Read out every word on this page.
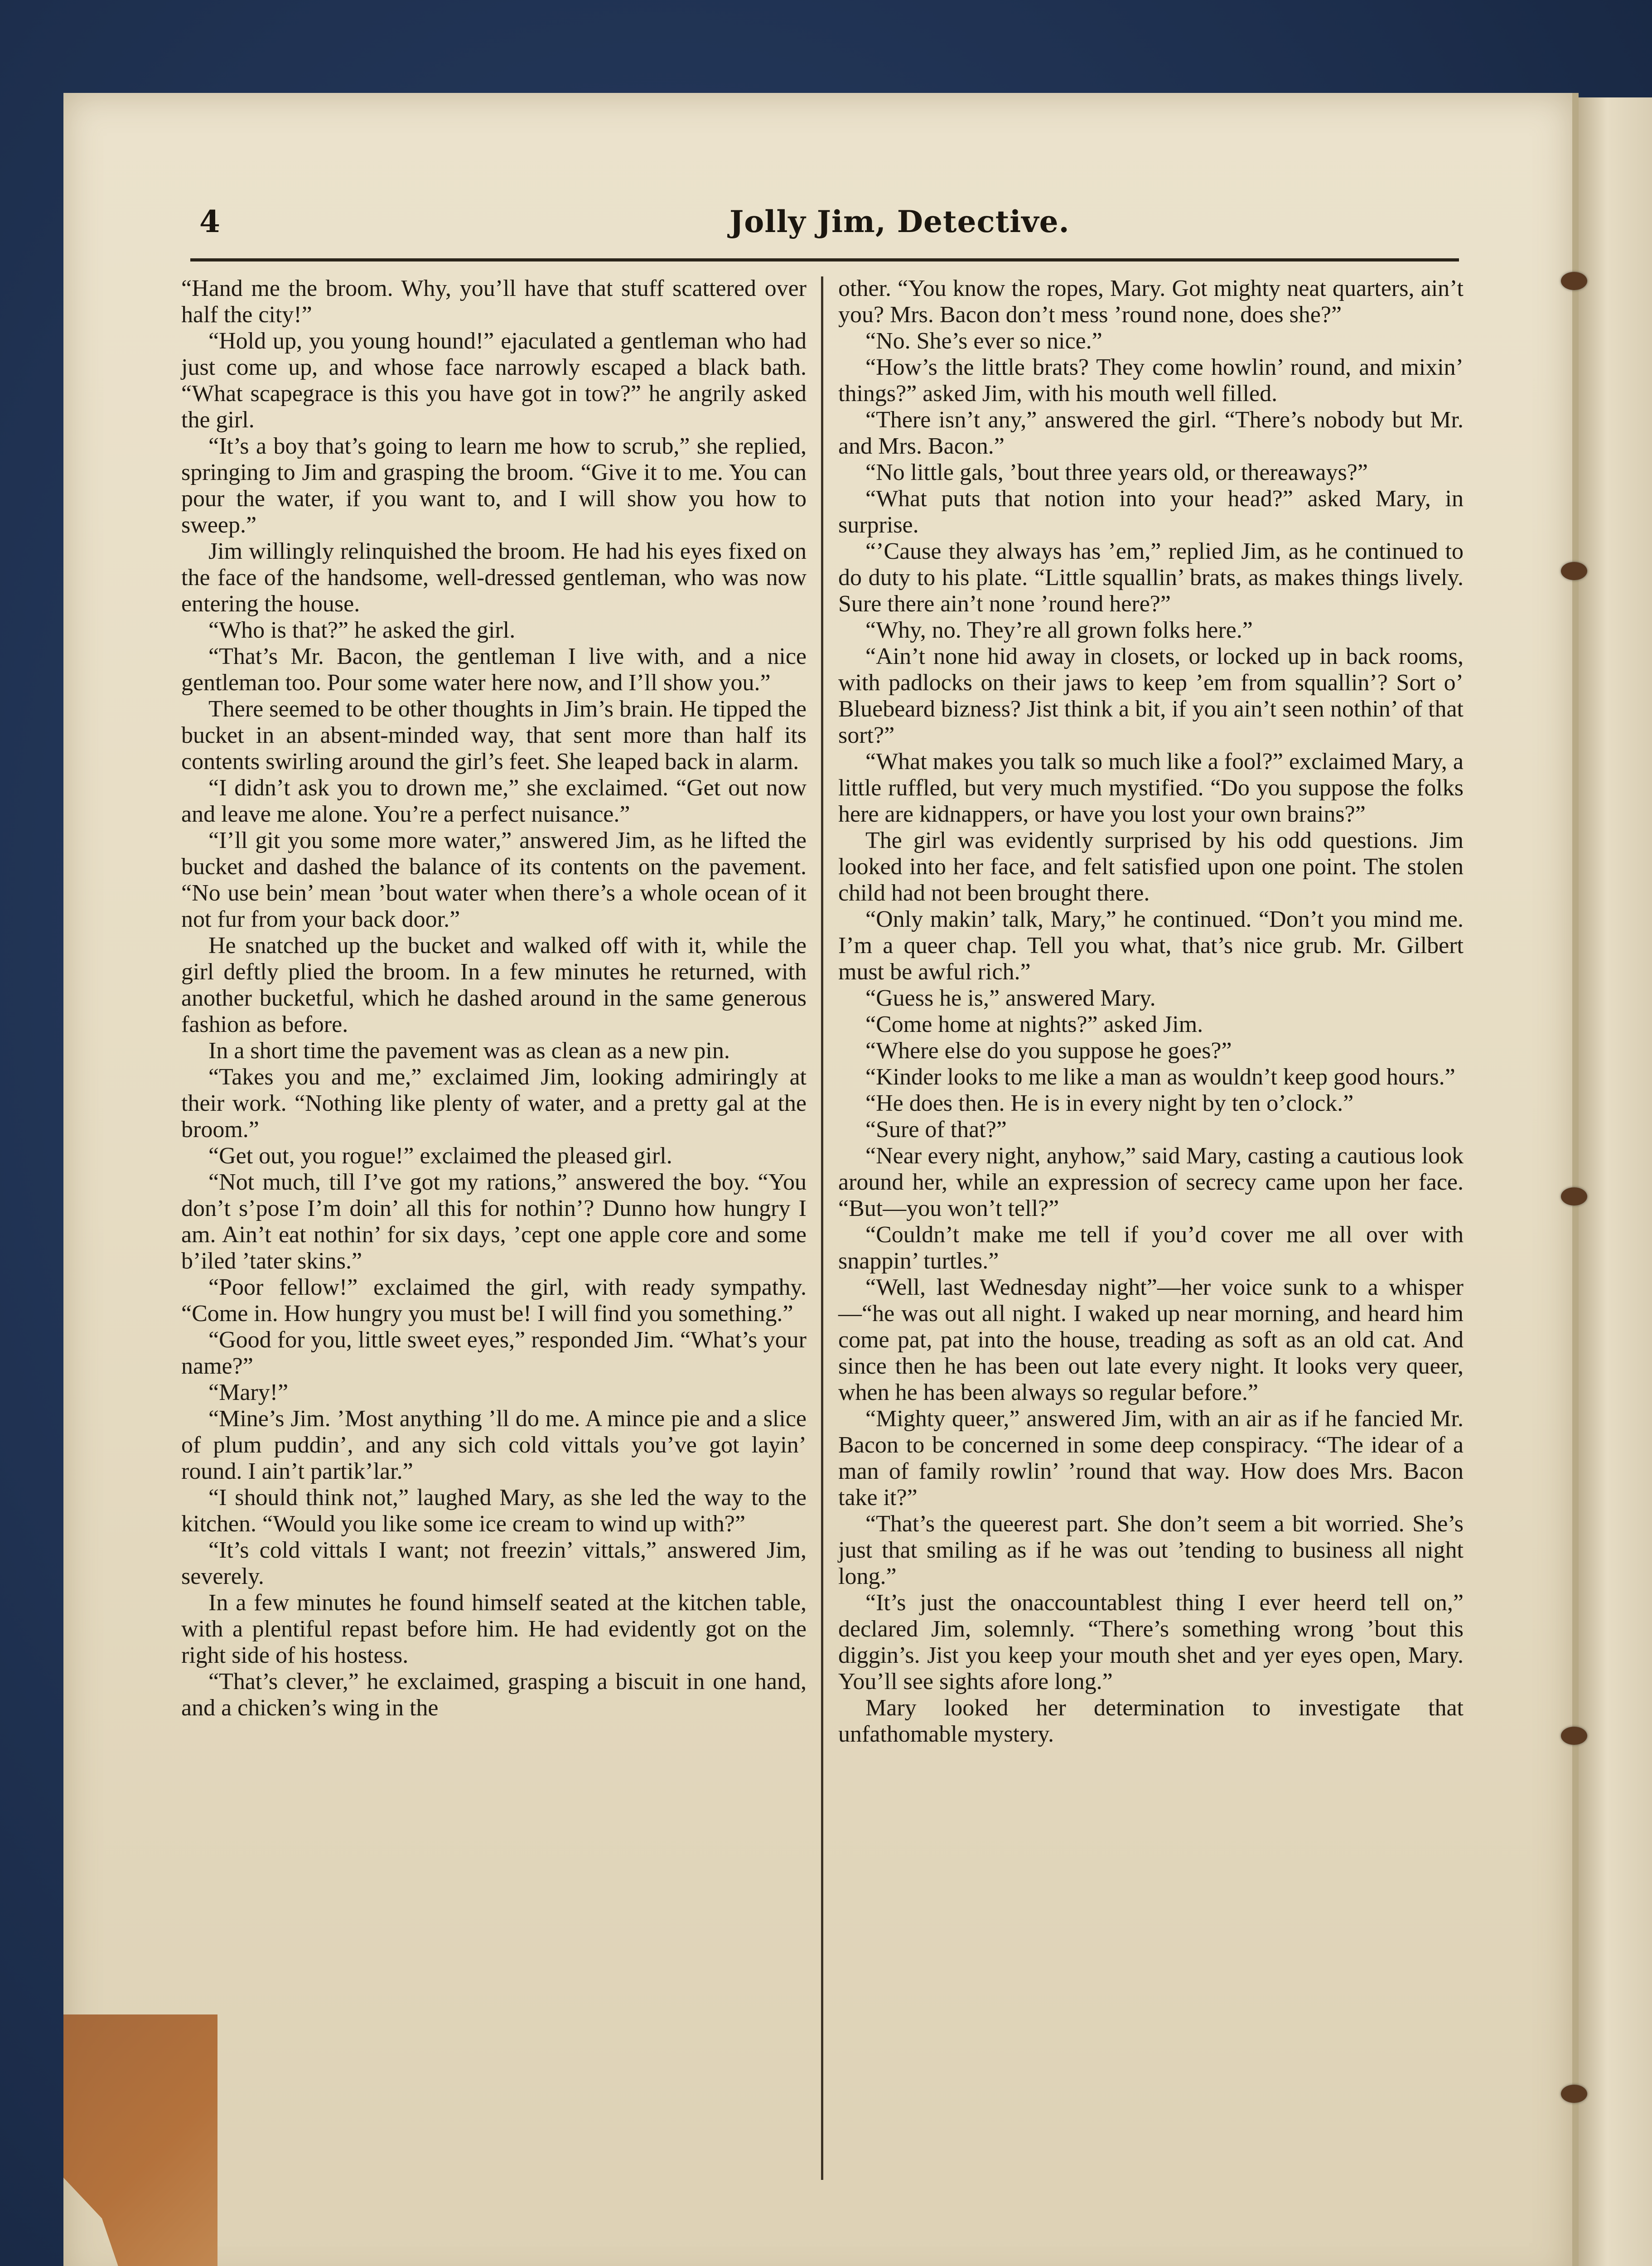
4	Jolly Jim, Detective.

“Hand me the broom. Why, you’ll have that stuff scattered over half the city!”

“Hold up, you young hound!” ejaculated a gentleman who had just come up, and whose face narrowly escaped a black bath. “What scapegrace is this you have got in tow?” he angrily asked the girl.

“It’s a boy that’s going to learn me how to scrub,” she replied, springing to Jim and grasping the broom. “Give it to me. You can pour the water, if you want to, and I will show you how to sweep.”

Jim willingly relinquished the broom. He had his eyes fixed on the face of the handsome, well-dressed gentleman, who was now entering the house.

“Who is that?” he asked the girl.

“That’s Mr. Bacon, the gentleman I live with, and a nice gentleman too. Pour some water here now, and I’ll show you.”

There seemed to be other thoughts in Jim’s brain. He tipped the bucket in an absent-minded way, that sent more than half its contents swirling around the girl’s feet. She leaped back in alarm.

“I didn’t ask you to drown me,” she exclaimed. “Get out now and leave me alone. You’re a perfect nuisance.”

“I’ll git you some more water,” answered Jim, as he lifted the bucket and dashed the balance of its contents on the pavement. “No use bein’ mean ’bout water when there’s a whole ocean of it not fur from your back door.”

He snatched up the bucket and walked off with it, while the girl deftly plied the broom. In a few minutes he returned, with another bucketful, which he dashed around in the same generous fashion as before.

In a short time the pavement was as clean as a new pin.

“Takes you and me,” exclaimed Jim, looking admiringly at their work. “Nothing like plenty of water, and a pretty gal at the broom.”

“Get out, you rogue!” exclaimed the pleased girl.

“Not much, till I’ve got my rations,” answered the boy. “You don’t s’pose I’m doin’ all this for nothin’? Dunno how hungry I am. Ain’t eat nothin’ for six days, ’cept one apple core and some b’iled ’tater skins.”

“Poor fellow!” exclaimed the girl, with ready sympathy. “Come in. How hungry you must be! I will find you something.”

“Good for you, little sweet eyes,” responded Jim. “What’s your name?”

“Mary!”

“Mine’s Jim. ’Most anything ’ll do me. A mince pie and a slice of plum puddin’, and any sich cold vittals you’ve got layin’ round. I ain’t partik’lar.”

“I should think not,” laughed Mary, as she led the way to the kitchen. “Would you like some ice cream to wind up with?”

“It’s cold vittals I want; not freezin’ vittals,” answered Jim, severely.

In a few minutes he found himself seated at the kitchen table, with a plentiful repast before him. He had evidently got on the right side of his hostess.

“That’s clever,” he exclaimed, grasping a biscuit in one hand, and a chicken’s wing in the

other. “You know the ropes, Mary. Got mighty neat quarters, ain’t you? Mrs. Bacon don’t mess ’round none, does she?”

“No. She’s ever so nice.”

“How’s the little brats? They come howlin’ round, and mixin’ things?” asked Jim, with his mouth well filled.

“There isn’t any,” answered the girl. “There’s nobody but Mr. and Mrs. Bacon.”

“No little gals, ’bout three years old, or thereaways?”

“What puts that notion into your head?” asked Mary, in surprise.

“’Cause they always has ’em,” replied Jim, as he continued to do duty to his plate. “Little squallin’ brats, as makes things lively. Sure there ain’t none ’round here?”

“Why, no. They’re all grown folks here.”

“Ain’t none hid away in closets, or locked up in back rooms, with padlocks on their jaws to keep ’em from squallin’? Sort o’ Bluebeard bizness? Jist think a bit, if you ain’t seen nothin’ of that sort?”

“What makes you talk so much like a fool?” exclaimed Mary, a little ruffled, but very much mystified. “Do you suppose the folks here are kidnappers, or have you lost your own brains?”

The girl was evidently surprised by his odd questions. Jim looked into her face, and felt satisfied upon one point. The stolen child had not been brought there.

“Only makin’ talk, Mary,” he continued. “Don’t you mind me. I’m a queer chap. Tell you what, that’s nice grub. Mr. Gilbert must be awful rich.”

“Guess he is,” answered Mary.

“Come home at nights?” asked Jim.

“Where else do you suppose he goes?”

“Kinder looks to me like a man as wouldn’t keep good hours.”

“He does then. He is in every night by ten o’clock.”

“Sure of that?”

“Near every night, anyhow,” said Mary, casting a cautious look around her, while an expression of secrecy came upon her face. “But—you won’t tell?”

“Couldn’t make me tell if you’d cover me all over with snappin’ turtles.”

“Well, last Wednesday night”—her voice sunk to a whisper—“he was out all night. I waked up near morning, and heard him come pat, pat into the house, treading as soft as an old cat. And since then he has been out late every night. It looks very queer, when he has been always so regular before.”

“Mighty queer,” answered Jim, with an air as if he fancied Mr. Bacon to be concerned in some deep conspiracy. “The idear of a man of family rowlin’ ’round that way. How does Mrs. Bacon take it?”

“That’s the queerest part. She don’t seem a bit worried. She’s just that smiling as if he was out ’tending to business all night long.”

“It’s just the onaccountablest thing I ever heerd tell on,” declared Jim, solemnly. “There’s something wrong ’bout this diggin’s. Jist you keep your mouth shet and yer eyes open, Mary. You’ll see sights afore long.”

Mary looked her determination to investigate that unfathomable mystery.
